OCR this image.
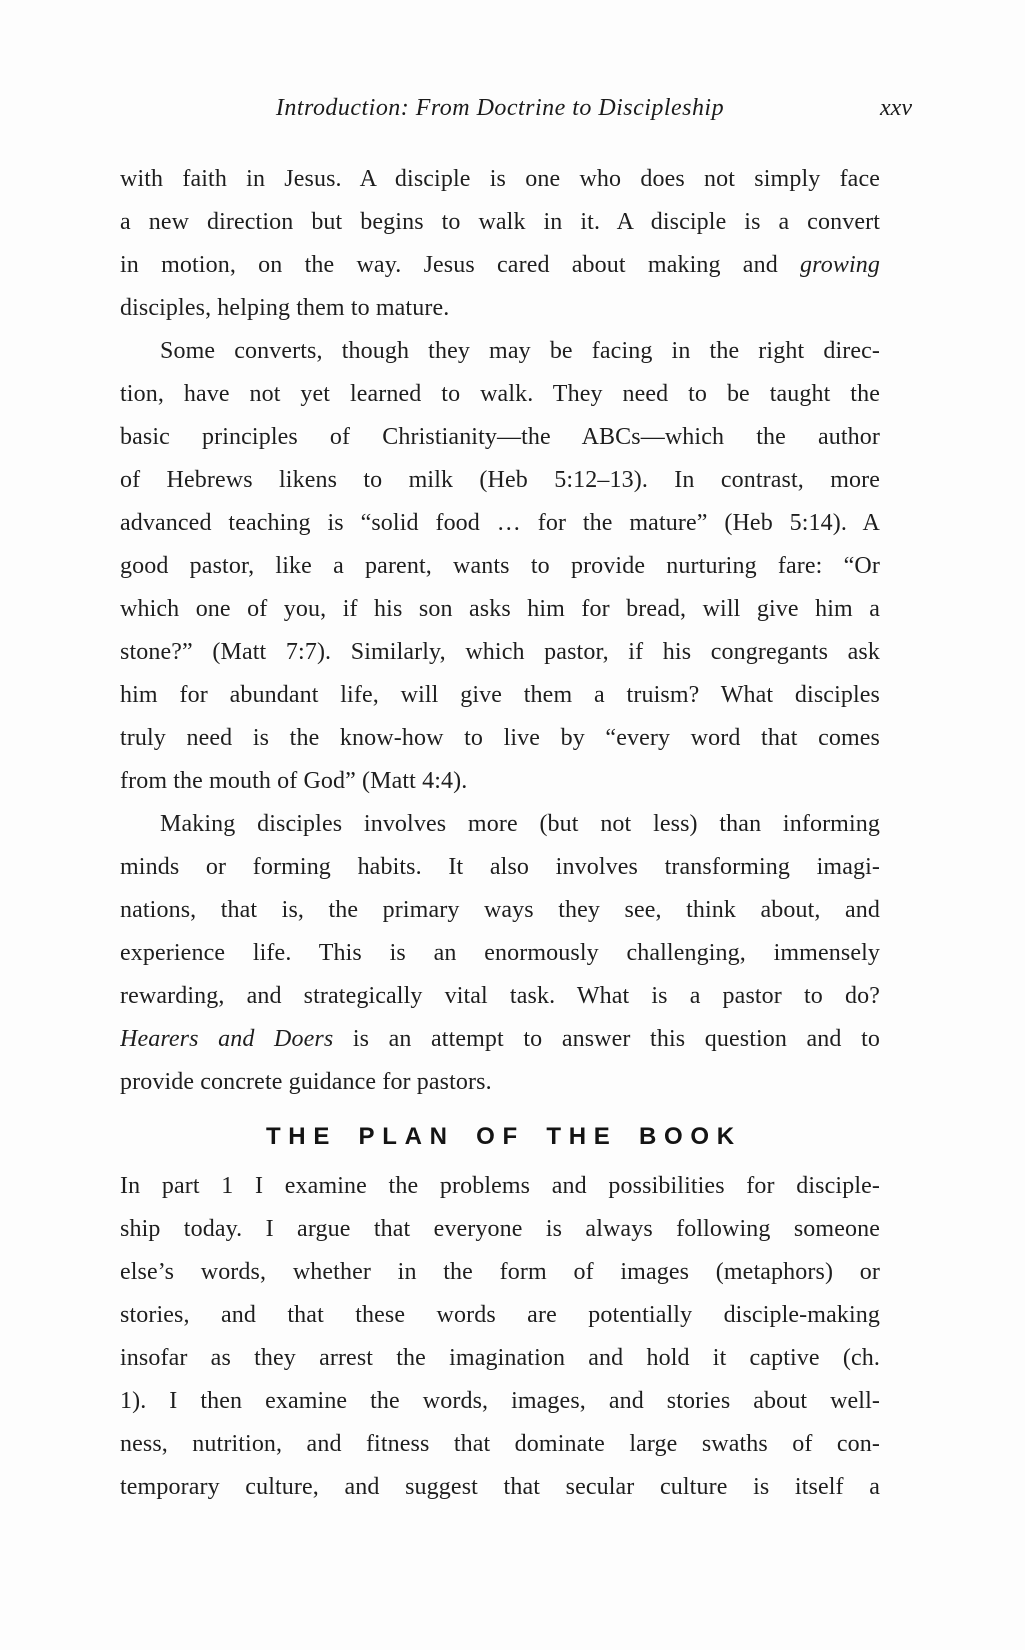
Introduction: From Doctrine to Discipleship	xxv
with faith in Jesus. A disciple is one who does not simply face
a new direction but begins to walk in it. A disciple is a convert
in motion, on the way. Jesus cared about making and growing
disciples, helping them to mature.
Some converts, though they may be facing in the right direc-
tion, have not yet learned to walk. They need to be taught the
basic principles of Christianity—the ABCs—which the author
of Hebrews likens to milk (Heb 5:12–13). In contrast, more
advanced teaching is “solid food … for the mature” (Heb 5:14). A
good pastor, like a parent, wants to provide nurturing fare: “Or
which one of you, if his son asks him for bread, will give him a
stone?” (Matt 7:7). Similarly, which pastor, if his congregants ask
him for abundant life, will give them a truism? What disciples
truly need is the know-how to live by “every word that comes
from the mouth of God” (Matt 4:4).
Making disciples involves more (but not less) than informing
minds or forming habits. It also involves transforming imagi-
nations, that is, the primary ways they see, think about, and
experience life. This is an enormously challenging, immensely
rewarding, and strategically vital task. What is a pastor to do?
Hearers and Doers is an attempt to answer this question and to
provide concrete guidance for pastors.
THE PLAN OF THE BOOK
In part 1 I examine the problems and possibilities for disciple-
ship today. I argue that everyone is always following someone
else’s words, whether in the form of images (metaphors) or
stories, and that these words are potentially disciple-making
insofar as they arrest the imagination and hold it captive (ch.
1). I then examine the words, images, and stories about well-
ness, nutrition, and fitness that dominate large swaths of con-
temporary culture, and suggest that secular culture is itself a
